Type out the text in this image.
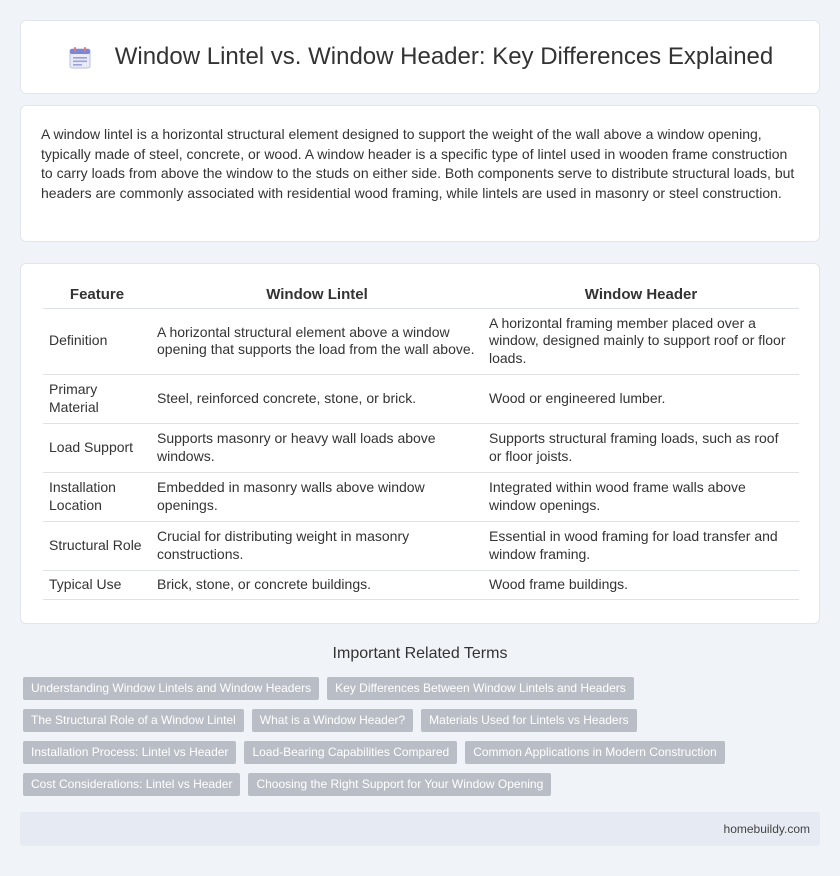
Window Lintel vs. Window Header: Key Differences Explained

A window lintel is a horizontal structural element designed to support the weight of the wall above a window opening, typically made of steel, concrete, or wood. A window header is a specific type of lintel used in wooden frame construction to carry loads from above the window to the studs on either side. Both components serve to distribute structural loads, but headers are commonly associated with residential wood framing, while lintels are used in masonry or steel construction.

Feature	Window Lintel	Window Header
Definition	A horizontal structural element above a window opening that supports the load from the wall above.	A horizontal framing member placed over a window, designed mainly to support roof or floor loads.
Primary Material	Steel, reinforced concrete, stone, or brick.	Wood or engineered lumber.
Load Support	Supports masonry or heavy wall loads above windows.	Supports structural framing loads, such as roof or floor joists.
Installation Location	Embedded in masonry walls above window openings.	Integrated within wood frame walls above window openings.
Structural Role	Crucial for distributing weight in masonry constructions.	Essential in wood framing for load transfer and window framing.
Typical Use	Brick, stone, or concrete buildings.	Wood frame buildings.
Important Related Terms
Understanding Window Lintels and Window Headers	Key Differences Between Window Lintels and Headers
The Structural Role of a Window Lintel	What is a Window Header?	Materials Used for Lintels vs Headers
Installation Process: Lintel vs Header	Load-Bearing Capabilities Compared	Common Applications in Modern Construction
Cost Considerations: Lintel vs Header	Choosing the Right Support for Your Window Opening
homebuildy.com
